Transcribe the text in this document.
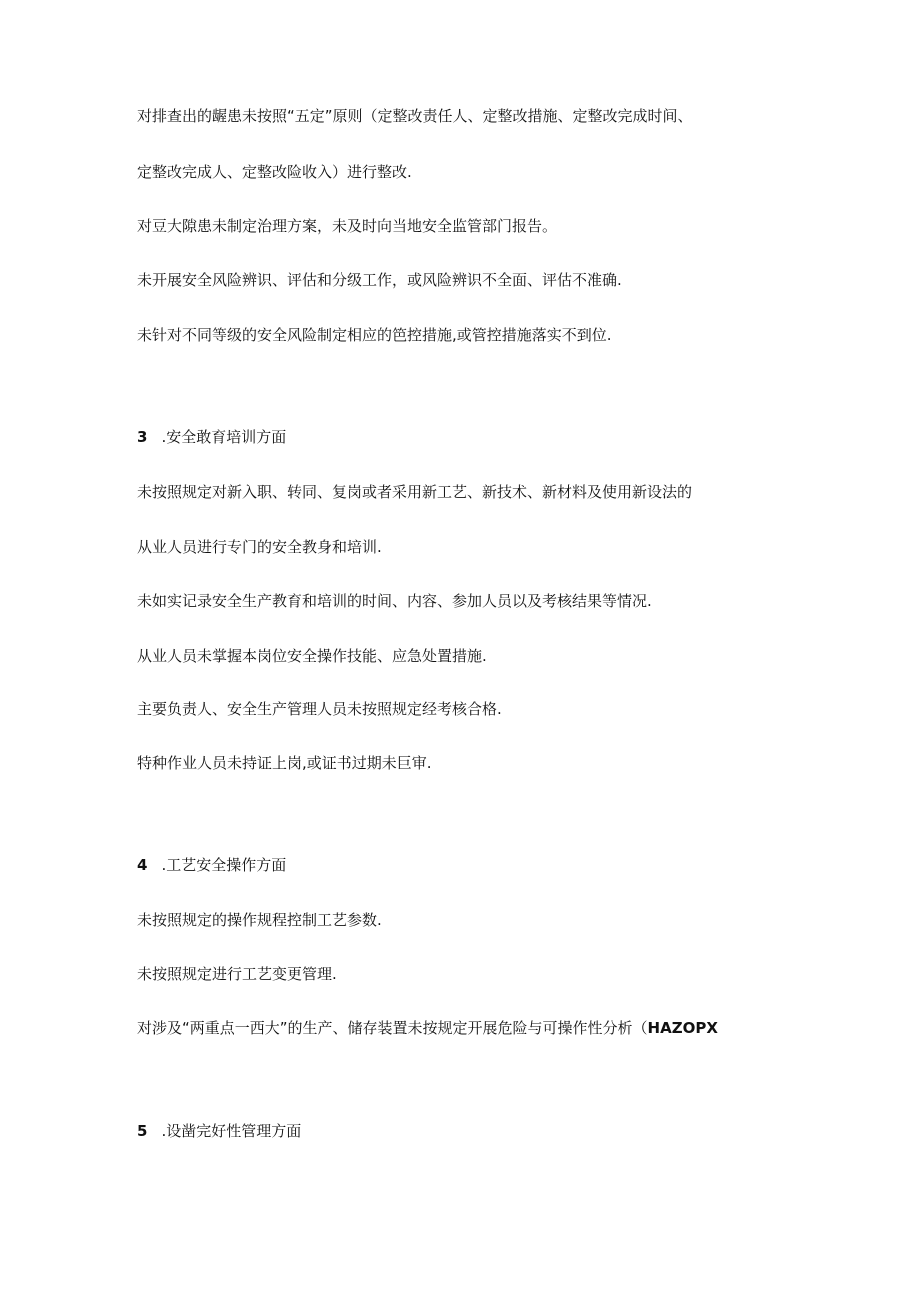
对排查出的龌患未按照“五定”原则（定整改责任人、定整改措施、定整改完成时间、
定整改完成人、定整改险收入）进行整改.
对豆大隙患未制定治理方案，未及时向当地安全监管部门报告。
未开展安全风险辨识、评估和分级工作，或风险辨识不全面、评估不准确.
未针对不同等级的安全风险制定相应的笆控措施,或管控措施落实不到位.
3 .安全敢育培训方面
未按照规定对新入职、转同、复岗或者采用新工艺、新技术、新材料及使用新设法的
从业人员进行专门的安全教身和培训.
未如实记录安全生产教育和培训的时间、内容、参加人员以及考核结果等情况.
从业人员未掌握本岗位安全操作技能、应急处置措施.
主要负责人、安全生产管理人员未按照规定经考核合格.
特种作业人员未持证上岗,或证书过期未巨审.
4 .工艺安全操作方面
未按照规定的操作规程控制工艺参数.
未按照规定进行工艺变更管理.
对涉及“两重点一西大”的生产、储存装置未按规定开展危险与可操作性分析（HAZOPX
5 .设凿完好性管理方面
